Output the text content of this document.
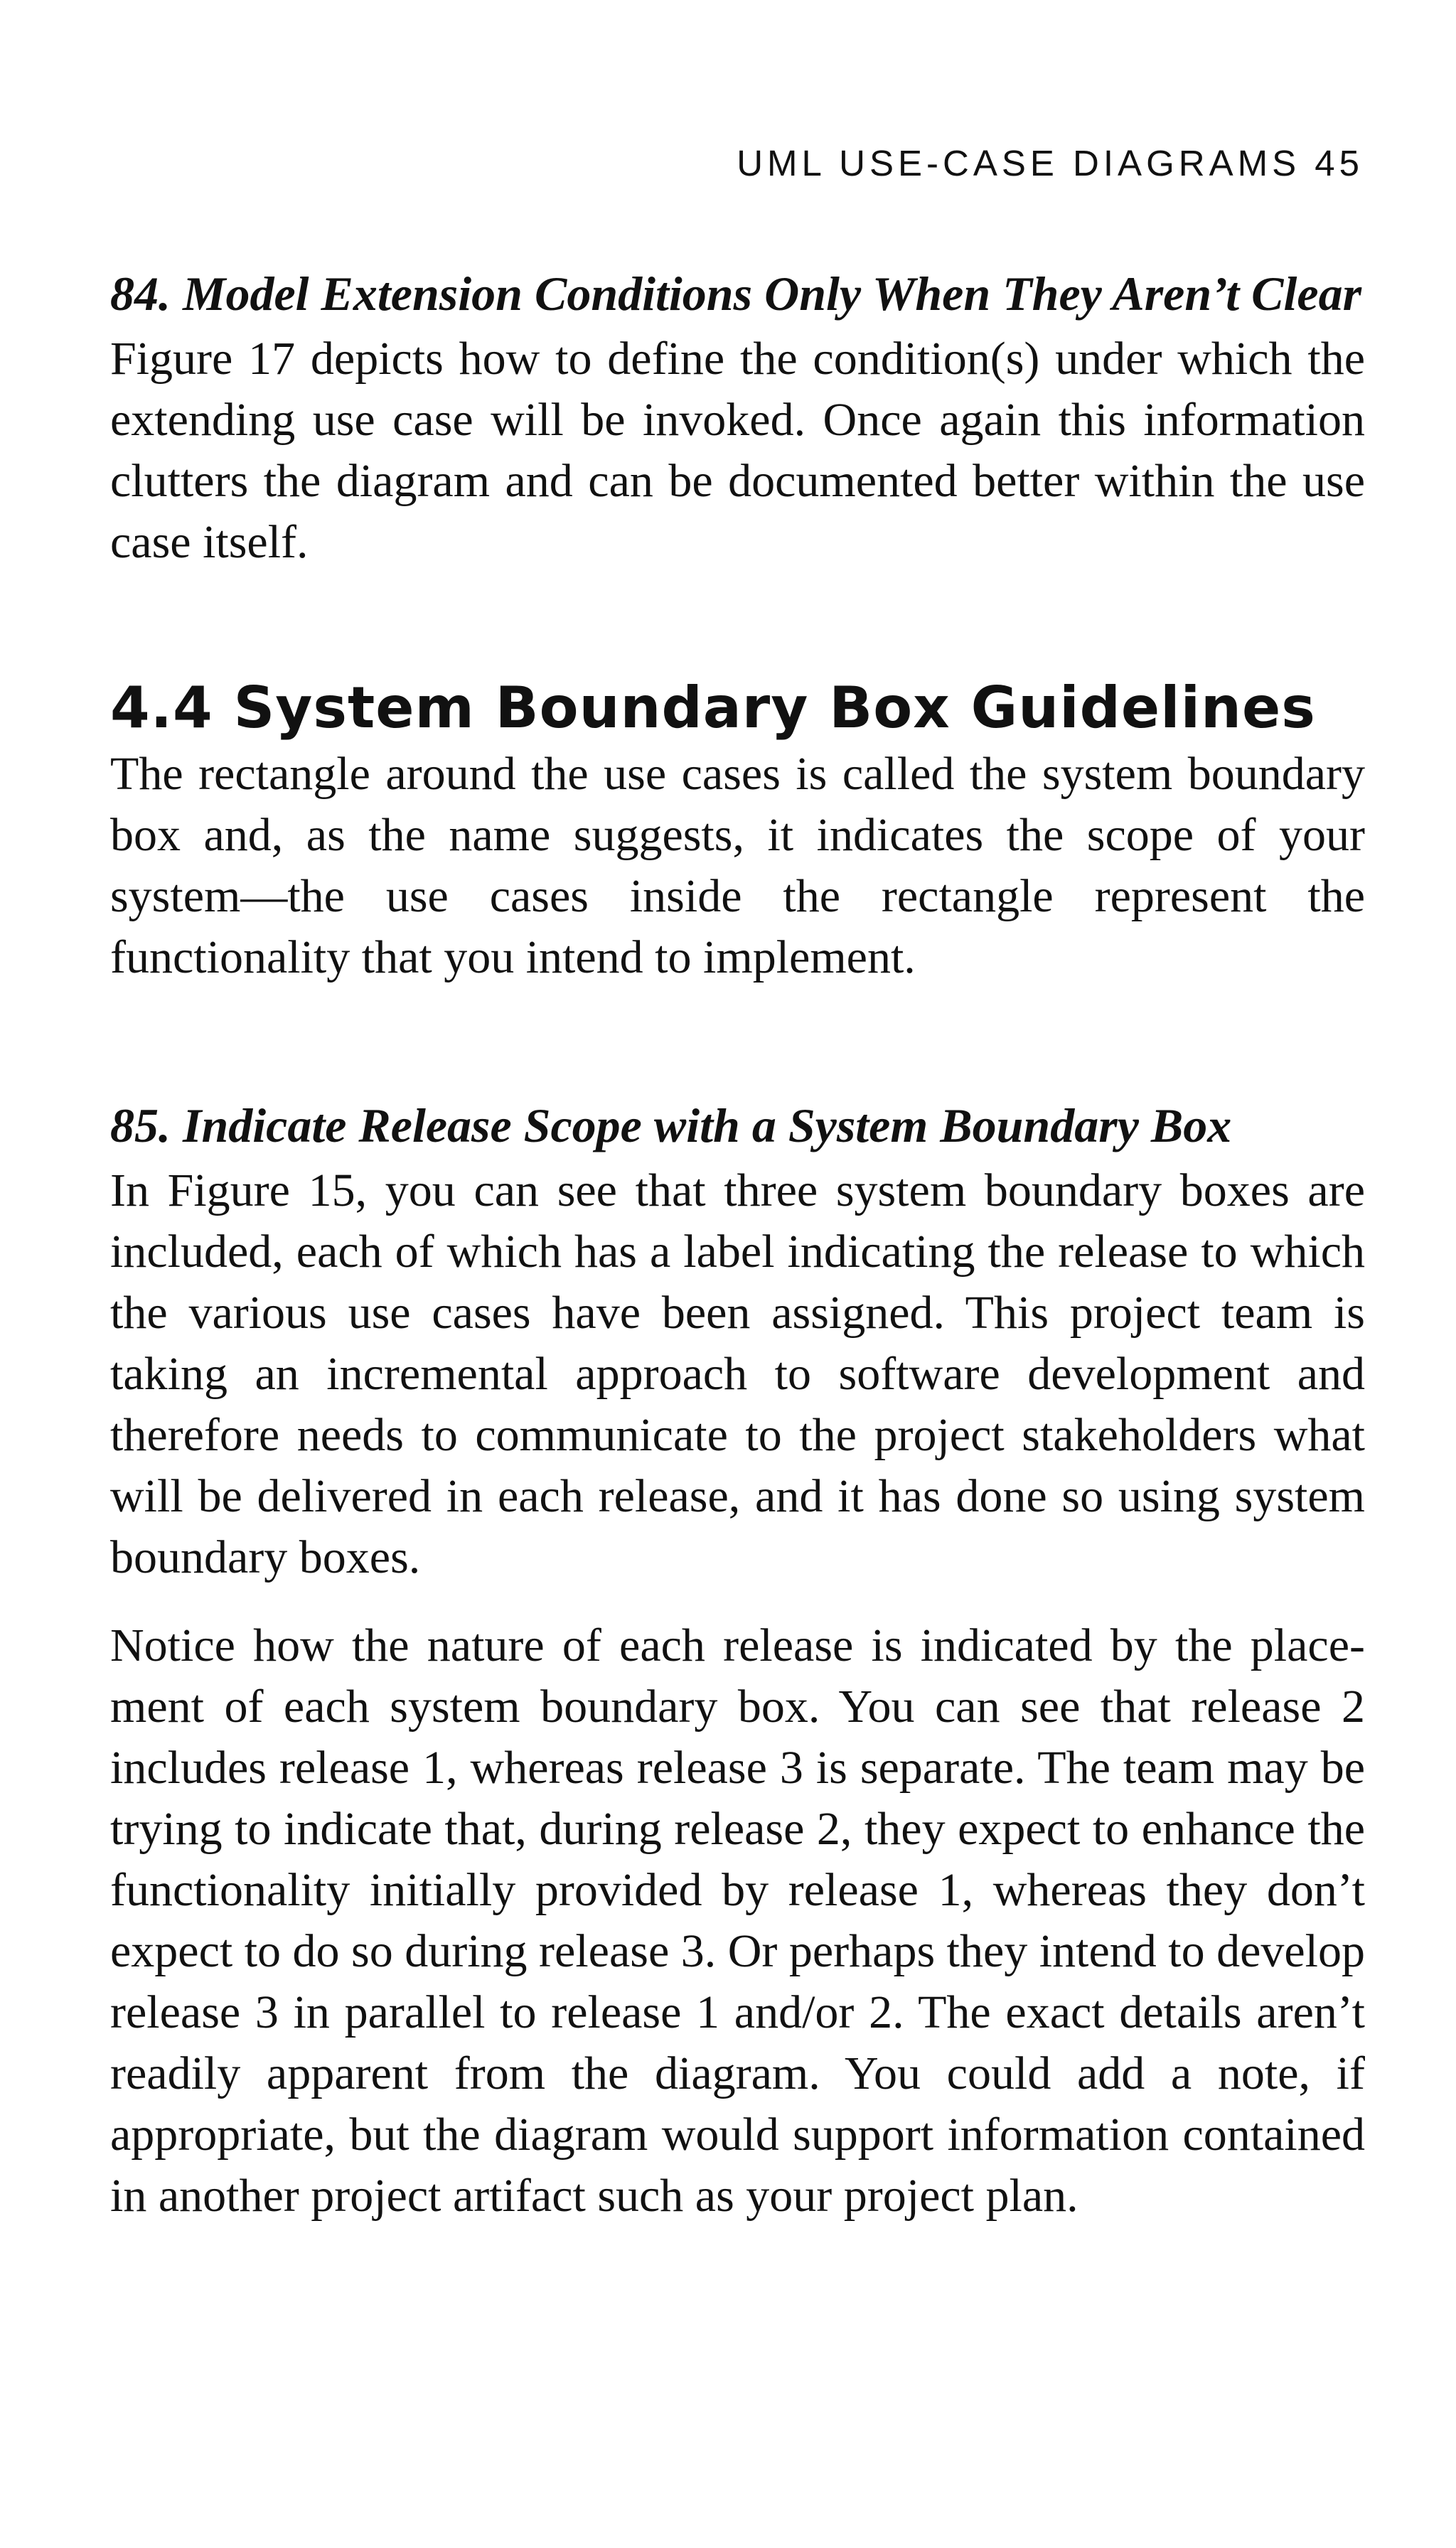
UML USE-CASE DIAGRAMS 45
84. Model Extension Conditions Only When They Aren’t Clear

Figure 17 depicts how to define the condition(s) under which the extending use case will be invoked. Once again this information clutters the diagram and can be documented better within the use case itself.

4.4 System Boundary Box Guidelines

The rectangle around the use cases is called the system boundary box and, as the name suggests, it indicates the scope of your system—the use cases inside the rectangle represent the functionality that you intend to implement.

85. Indicate Release Scope with a System Boundary Box

In Figure 15, you can see that three system boundary boxes are included, each of which has a label indicating the release to which the various use cases have been assigned. This project team is taking an incremental approach to software development and therefore needs to communicate to the project stakeholders what will be delivered in each release, and it has done so using system boundary boxes.

Notice how the nature of each release is indicated by the placement of each system boundary box. You can see that release 2 includes release 1, whereas release 3 is separate. The team may be trying to indicate that, during release 2, they expect to enhance the functionality initially provided by release 1, whereas they don’t expect to do so during release 3. Or perhaps they intend to develop release 3 in parallel to release 1 and/or 2. The exact details aren’t readily apparent from the diagram. You could add a note, if appropriate, but the diagram would support information contained in another project artifact such as your project plan.
